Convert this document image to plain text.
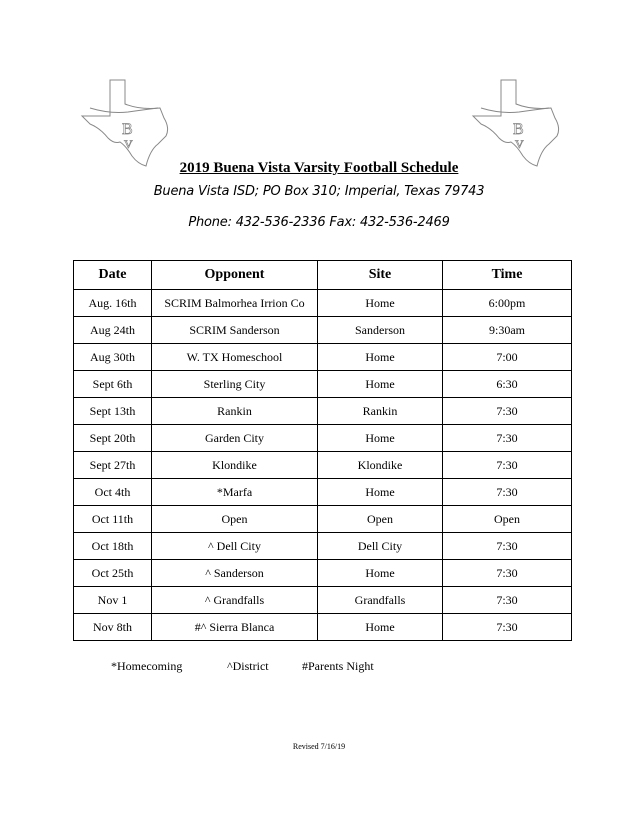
B
V
B
V
2019 Buena Vista Varsity Football Schedule
Buena Vista ISD; PO Box 310; Imperial, Texas 79743
Phone: 432-536-2336 Fax: 432-536-2469
Date	Opponent	Site	Time
Aug. 16th	SCRIM Balmorhea Irrion Co	Home	6:00pm
Aug 24th	SCRIM Sanderson	Sanderson	9:30am
Aug 30th	W. TX Homeschool	Home	7:00
Sept 6th	Sterling City	Home	6:30
Sept 13th	Rankin	Rankin	7:30
Sept 20th	Garden City	Home	7:30
Sept 27th	Klondike	Klondike	7:30
Oct 4th	*Marfa	Home	7:30
Oct 11th	Open	Open	Open
Oct 18th	^ Dell City	Dell City	7:30
Oct 25th	^ Sanderson	Home	7:30
Nov 1	^ Grandfalls	Grandfalls	7:30
Nov 8th	#^ Sierra Blanca	Home	7:30
*Homecoming	^District	#Parents Night
Revised 7/16/19
